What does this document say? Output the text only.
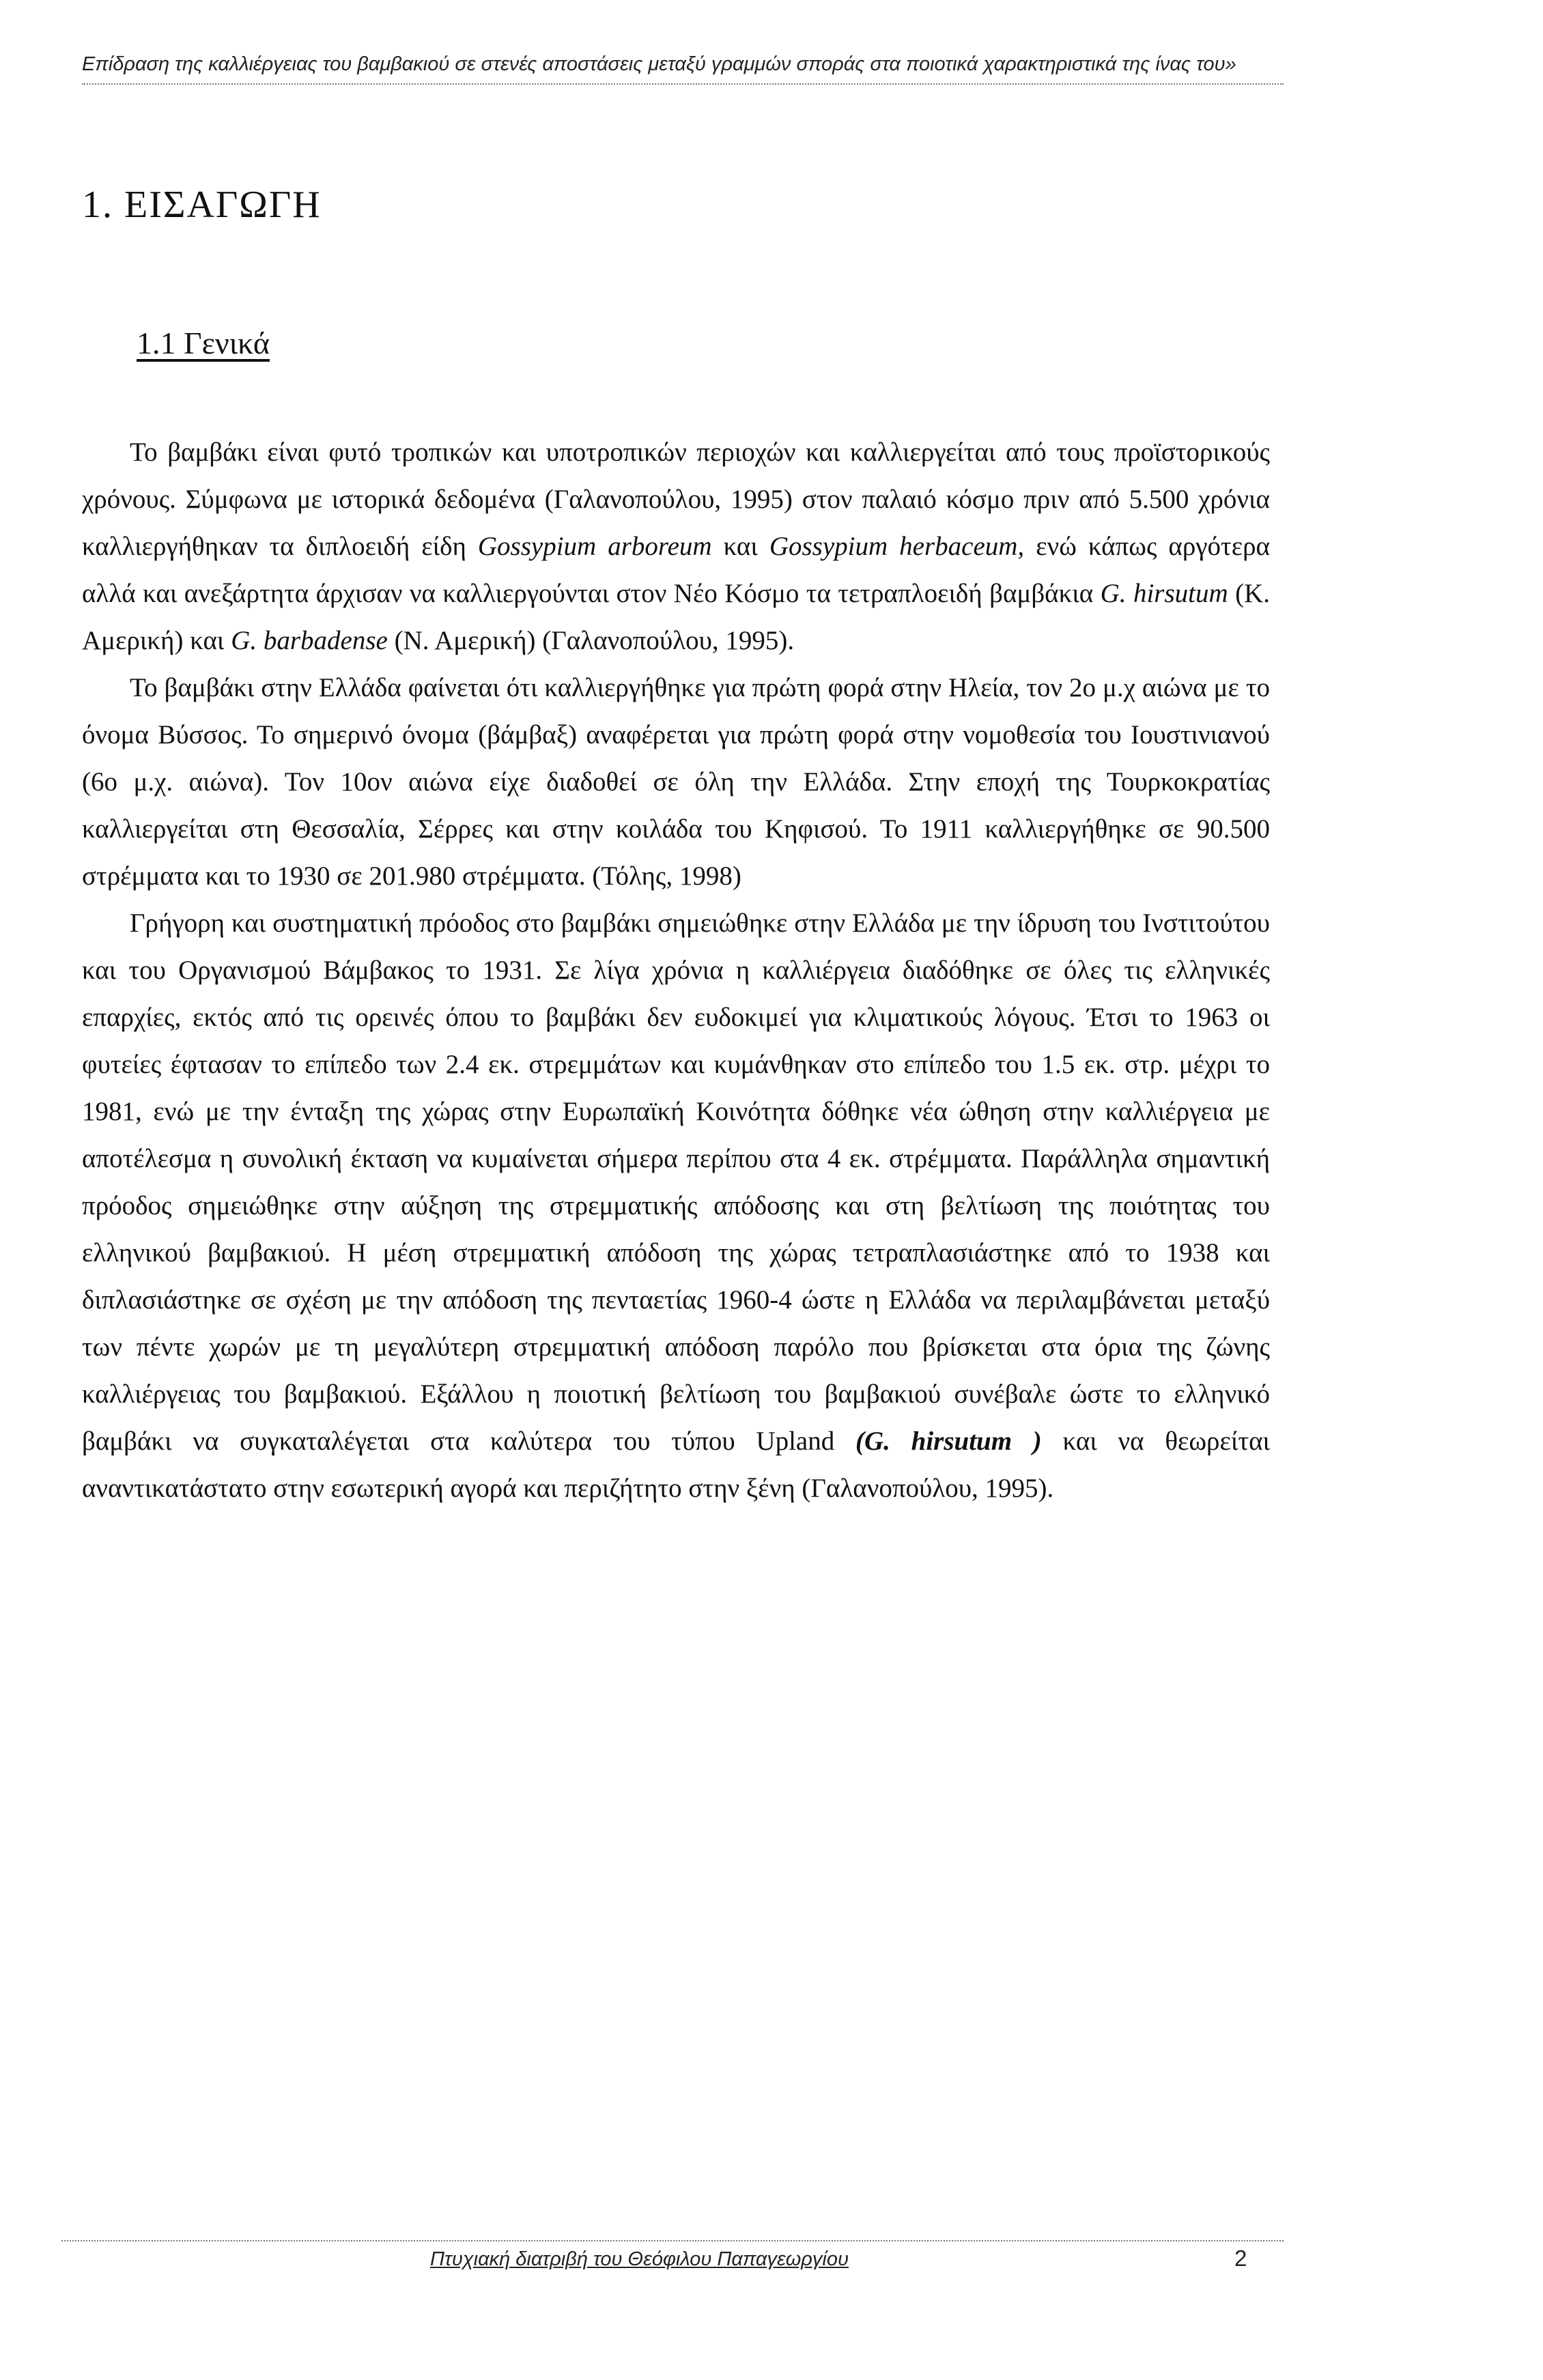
Επίδραση της καλλιέργειας του βαμβακιού σε στενές αποστάσεις μεταξύ γραμμών σποράς στα ποιοτικά χαρακτηριστικά της ίνας του»
1. ΕΙΣΑΓΩΓΗ
1.1 Γενικά

Το βαμβάκι είναι φυτό τροπικών και υποτροπικών περιοχών και καλλιεργείται από τους προϊστορικούς χρόνους. Σύμφωνα με ιστορικά δεδομένα (Γαλανοπούλου, 1995) στον παλαιό κόσμο πριν από 5.500 χρόνια καλλιεργήθηκαν τα διπλοειδή είδη Gossypium arboreum και Gossypium herbaceum, ενώ κάπως αργότερα αλλά και ανεξάρτητα άρχισαν να καλλιεργούνται στον Νέο Κόσμο τα τετραπλοειδή βαμβάκια G. hirsutum (Κ. Αμερική) και G. barbadense (Ν. Αμερική) (Γαλανοπούλου, 1995).

Το βαμβάκι στην Ελλάδα φαίνεται ότι καλλιεργήθηκε για πρώτη φορά στην Ηλεία, τον 2ο μ.χ αιώνα με το όνομα Βύσσος. Το σημερινό όνομα (βάμβαξ) αναφέρεται για πρώτη φορά στην νομοθεσία του Ιουστινιανού (6ο μ.χ. αιώνα). Τον 10ον αιώνα είχε διαδοθεί σε όλη την Ελλάδα. Στην εποχή της Τουρκοκρατίας καλλιεργείται στη Θεσσαλία, Σέρρες και στην κοιλάδα του Κηφισού. Το 1911 καλλιεργήθηκε σε 90.500 στρέμματα και το 1930 σε 201.980 στρέμματα. (Τόλης, 1998)

Γρήγορη και συστηματική πρόοδος στο βαμβάκι σημειώθηκε στην Ελλάδα με την ίδρυση του Ινστιτούτου και του Οργανισμού Βάμβακος το 1931. Σε λίγα χρόνια η καλλιέργεια διαδόθηκε σε όλες τις ελληνικές επαρχίες, εκτός από τις ορεινές όπου το βαμβάκι δεν ευδοκιμεί για κλιματικούς λόγους. Έτσι το 1963 οι φυτείες έφτασαν το επίπεδο των 2.4 εκ. στρεμμάτων και κυμάνθηκαν στο επίπεδο του 1.5 εκ. στρ. μέχρι το 1981, ενώ με την ένταξη της χώρας στην Ευρωπαϊκή Κοινότητα δόθηκε νέα ώθηση στην καλλιέργεια με αποτέλεσμα η συνολική έκταση να κυμαίνεται σήμερα περίπου στα 4 εκ. στρέμματα. Παράλληλα σημαντική πρόοδος σημειώθηκε στην αύξηση της στρεμματικής απόδοσης και στη βελτίωση της ποιότητας του ελληνικού βαμβακιού. Η μέση στρεμματική απόδοση της χώρας τετραπλασιάστηκε από το 1938 και διπλασιάστηκε σε σχέση με την απόδοση της πενταετίας 1960-4 ώστε η Ελλάδα να περιλαμβάνεται μεταξύ των πέντε χωρών με τη μεγαλύτερη στρεμματική απόδοση παρόλο που βρίσκεται στα όρια της ζώνης καλλιέργειας του βαμβακιού. Εξάλλου η ποιοτική βελτίωση του βαμβακιού συνέβαλε ώστε το ελληνικό βαμβάκι να συγκαταλέγεται στα καλύτερα του τύπου Upland (G. hirsutum ) και να θεωρείται αναντικατάστατο στην εσωτερική αγορά και περιζήτητο στην ξένη (Γαλανοπούλου, 1995).

Πτυχιακή διατριβή του Θεόφιλου Παπαγεωργίου	2
